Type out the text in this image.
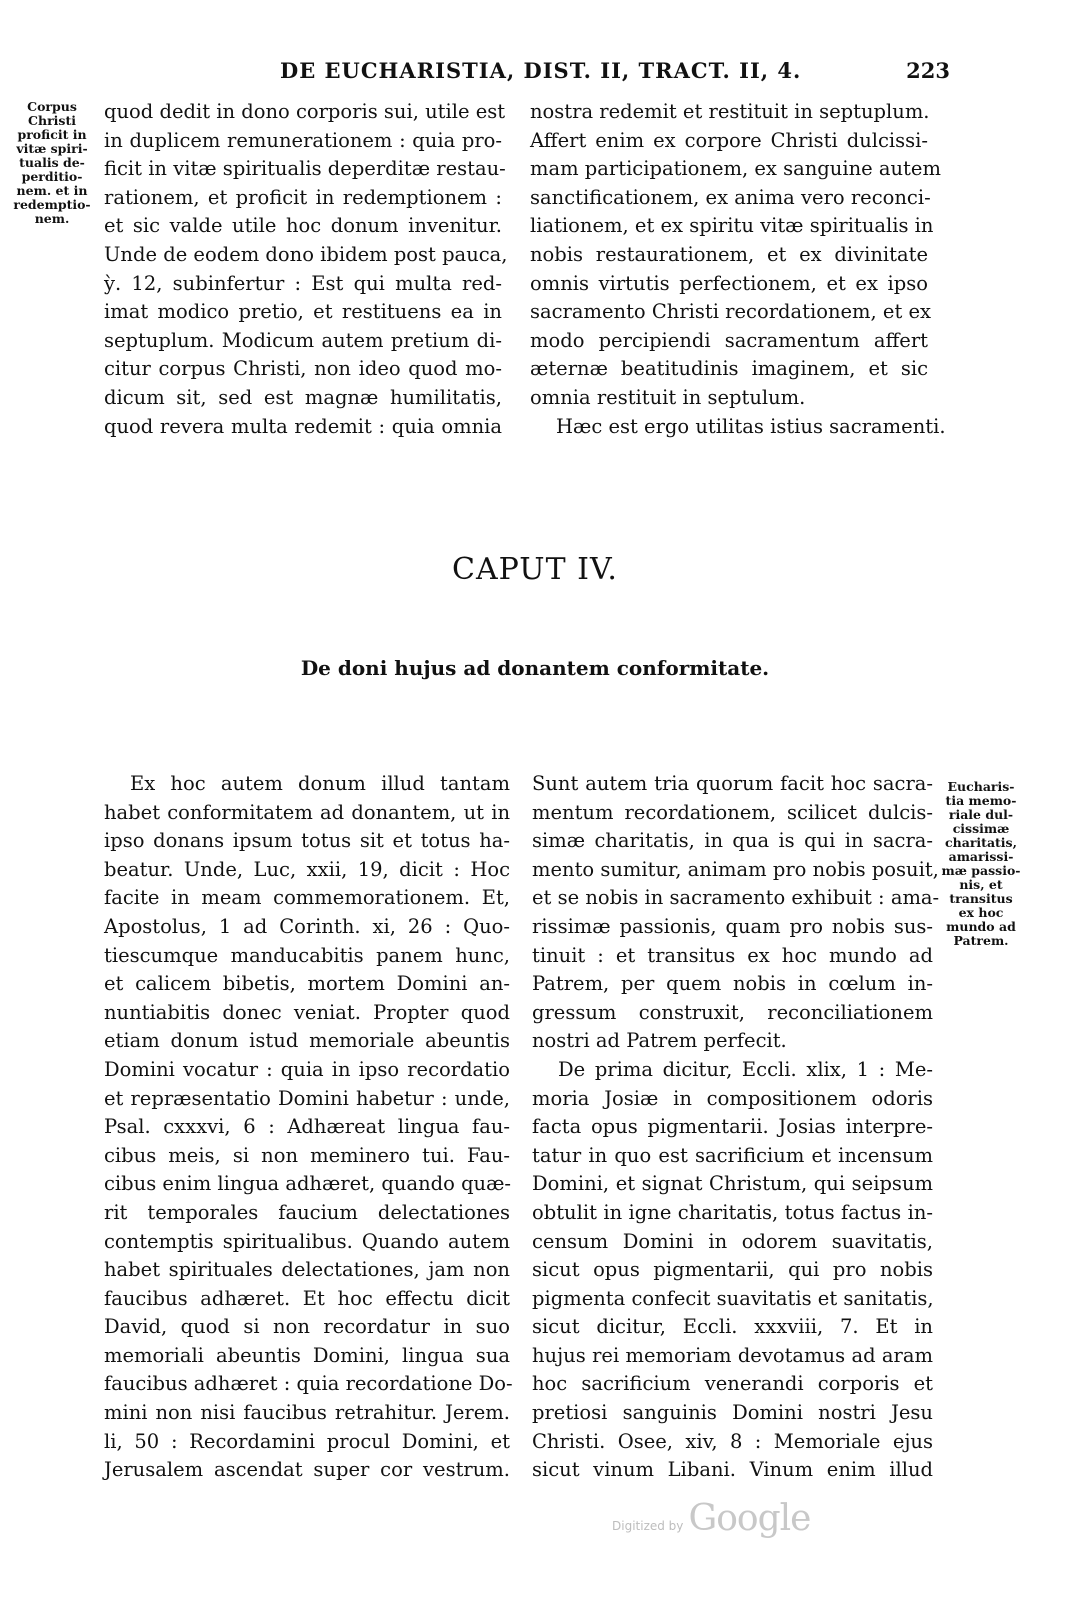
DE EUCHARISTIA, DIST. II, TRACT. II, 4.	223
Corpus
Christi
proficit in
vitæ spiri-
tualis de-
perditio-
nem. et in
redemptio-
nem.
quod dedit in dono corporis sui, utile est
in duplicem remunerationem : quia pro-
ficit in vitæ spiritualis deperditæ restau-
rationem, et proficit in redemptionem :
et sic valde utile hoc donum invenitur.
Unde de eodem dono ibidem post pauca,
ỳ. 12, subinfertur : Est qui multa red-
imat modico pretio, et restituens ea in
septuplum. Modicum autem pretium di-
citur corpus Christi, non ideo quod mo-
dicum sit, sed est magnæ humilitatis,
quod revera multa redemit : quia omnia
nostra redemit et restituit in septuplum.
Affert enim ex corpore Christi dulcissi-
mam participationem, ex sanguine autem
sanctificationem, ex anima vero reconci-
liationem, et ex spiritu vitæ spiritualis in
nobis restaurationem, et ex divinitate
omnis virtutis perfectionem, et ex ipso
sacramento Christi recordationem, et ex
modo percipiendi sacramentum affert
æternæ beatitudinis imaginem, et sic
omnia restituit in septulum.
Hæc est ergo utilitas istius sacramenti.
CAPUT IV.
De doni hujus ad donantem conformitate.
Ex hoc autem donum illud tantam
habet conformitatem ad donantem, ut in
ipso donans ipsum totus sit et totus ha-
beatur. Unde, Luc, xxii, 19, dicit : Hoc
facite in meam commemorationem. Et,
Apostolus, 1 ad Corinth. xi, 26 : Quo-
tiescumque manducabitis panem hunc,
et calicem bibetis, mortem Domini an-
nuntiabitis donec veniat. Propter quod
etiam donum istud memoriale abeuntis
Domini vocatur : quia in ipso recordatio
et repræsentatio Domini habetur : unde,
Psal. cxxxvi, 6 : Adhæreat lingua fau-
cibus meis, si non meminero tui. Fau-
cibus enim lingua adhæret, quando quæ-
rit temporales faucium delectationes
contemptis spiritualibus. Quando autem
habet spirituales delectationes, jam non
faucibus adhæret. Et hoc effectu dicit
David, quod si non recordatur in suo
memoriali abeuntis Domini, lingua sua
faucibus adhæret : quia recordatione Do-
mini non nisi faucibus retrahitur. Jerem.
li, 50 : Recordamini procul Domini, et
Jerusalem ascendat super cor vestrum.
Sunt autem tria quorum facit hoc sacra-
mentum recordationem, scilicet dulcis-
simæ charitatis, in qua is qui in sacra-
mento sumitur, animam pro nobis posuit,
et se nobis in sacramento exhibuit : ama-
rissimæ passionis, quam pro nobis sus-
tinuit : et transitus ex hoc mundo ad
Patrem, per quem nobis in cœlum in-
gressum construxit, reconciliationem
nostri ad Patrem perfecit.
De prima dicitur, Eccli. xlix, 1 : Me-
moria Josiæ in compositionem odoris
facta opus pigmentarii. Josias interpre-
tatur in quo est sacrificium et incensum
Domini, et signat Christum, qui seipsum
obtulit in igne charitatis, totus factus in-
censum Domini in odorem suavitatis,
sicut opus pigmentarii, qui pro nobis
pigmenta confecit suavitatis et sanitatis,
sicut dicitur, Eccli. xxxviii, 7. Et in
hujus rei memoriam devotamus ad aram
hoc sacrificium venerandi corporis et
pretiosi sanguinis Domini nostri Jesu
Christi. Osee, xiv, 8 : Memoriale ejus
sicut vinum Libani. Vinum enim illud
Eucharis-
tia memo-
riale dul-
cissimæ
charitatis,
amarissi-
mæ passio-
nis, et
transitus
ex hoc
mundo ad
Patrem.
Digitized by Google
